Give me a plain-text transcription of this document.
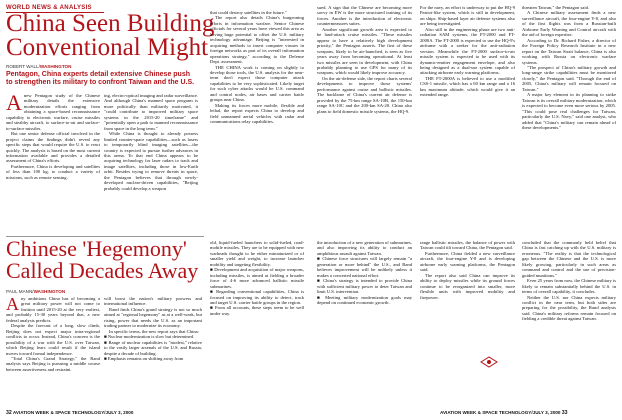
WORLD NEWS & ANALYSIS
China Seen Building Conventional Might
ROBERT WALL/WASHINGTON

Pentagon, China experts detail extensive Chinese push to strengthen its military to confront Taiwan and the U.S.

Anew Pentagon study of the Chinese military details the extensive modernization efforts ranging from obtaining a space-based reconnaissance capability to electronic warfare, cruise missiles and stealthy aircraft, to surface-to-air and surface-to-surface missiles.

But one senior defense official involved in the project claims the findings didn't reveal any specific steps that would require the U.S. to react quickly. The analysis is based on the most current information available and provides a detailed assessment of China's efforts.

Furthermore, China is developing and satellites of less than 100 kg, to conduct a variety of missions, such as remote sensing.

ing, electro-optical imaging and radar surveillance. And although China's manned space program is more politically than militarily motivated, it "could contribute to improved military space systems in the 2015-20 timeframe" and "potentially open a path to manned reconnaissance from space in the long term."

While China is thought to already possess limited counter-space capabilities—such as lasers to temporarily blind imaging satellites—the country is expected to pursue further advances in this arena. To that end China appears to be acquiring technology for laser radars to track and image satellites, including those in low-Earth orbit. Besides trying to remove threats in space, the Pentagon believes that through newly-developed nuclear-driven capabilities, "Beijing probably could develop a weapon

that could destroy satellites in the future."

The report also details China's burgeoning efforts in information warfare. Senior Chinese officials for several years have viewed this area as having huge potential to offset the U.S. military technology advantage. Beijing is "interested in acquiring methods to insert computer viruses in foreign networks as part of its overall information operations strategy," according to the Defense Dept. assessment.

THE CHINA work is coming on slightly to develop those tools, the U.S. analysts for the near-term don't expect those computer attack capabilities to be very sophisticated. Likely target for such cyber attacks would be U.S. command and control nodes, air bases and carrier battle groups near China.

Making its forces more mobile, flexible and lethal, the report expects China to develop and field unmanned aerial vehicles with radar and communications relay capabilities.

sued. A sign that the Chinese are becoming more savvy in EW is the more structured training of its forces. Another is the introduction of electronic countermeasures suites.

Another significant growth area is expected to be land-attack cruise missiles. "These missiles appear to have a relatively high development priority," the Pentagon asserts. The first of these weapons, likely to be air-launched, is seen as five years away from becoming operational. At least two missiles are seen in development, with China probably planning to use GPS for many of its weapons, which would likely improve accuracy.

On the air-defense side, the report charts several developments to improve those systems' performance against cruise and ballistic missiles. The backbone of China's current air defense is provided by the 75-km range SA-10B, the 150-km range SA-10C and the 200-km SA-20. China also plans to field domestic missile systems, the HQ-9.

For the navy, an effort is underway to put the HQ-9 Patriot-like system, which is still in development, on ships. Ship-based layer air defense systems also are being investigated.

Also still in the engineering phase are two anti-radiation SAM systems, the FT-2000 and FT-2000A. The FT-2000 is expected to use the HQ-9's airframe with a seeker for the anti-radiation version. Meanwhile the FT-2000 surface-to-air missile system is expected to be used with its dynamic-emitter engagement envelope, and also being designed as a dual-use system capable of attacking airborne early warning platforms.

THE FT-2000A is believed to use a modified CSS-1 missile, which has a 60 km range and a 16 km maximum altitude, which would give it an extended range.

threaten Taiwan," the Pentagon said.

A Chinese military assessment finds a new surveillance aircraft, the four-engine Y-8, and also of the first flights was from a Russian-built Airborne Early Warning and Control aircraft with the aid of foreign expertise.

According to Dr. Richard Fisher, a director of the Foreign Policy Research Institute in a new report on the Taiwan Strait balance, China is also working with Russia on electronic warfare systems.

"The prospect of China's military growth and long-range strike capabilities must be monitored closely," the Pentagon said. "Through the end of 2005, China's military will remain focused on Taiwan."

A major key element in its planning to strike Taiwan is its overall military modernization, which is expected to become even more serious by 2005. "This could pose real challenges for Taiwan, particularly the U.S. Navy," said one analyst, who added that "China's military can remain ahead of these developments."

Chinese 'Hegemony' Called Decades Away
PAUL MANN/WASHINGTON

Any ambitions China has of becoming a great military power will not come to fruition until 2015-20 at the very earliest, and probably 15-30 years beyond that, a new federal analysis predicts.

Despite the forecast of a long, slow climb, Beijing does not expect major intra-regional conflicts to occur. Instead, China's concern is the possibility of a war with the U.S. over Taiwan, which Beijing fears could result if the island moves toward formal independence.

"Total China's Grand Strategy," the Rand analysis says Beijing is pursuing a middle course between assertiveness and restraint.

will boost the nation's military prowess and international influence.

Rand finds China's grand strategy is not so much aimed at "regional hegemony" as at a well-weak, but rising, power that needs the U.S. as an important trading partner to modernize its economy.

In specific terms, the new report says that China:

■ Nuclear modernization is slow but determined.

■ Range of nuclear capabilities is "modest," relative to the vastly larger arsenals of the U.S. and Russia, despite a decade of building.

■ Emphasis remains on shifting away from

old, liquid-fueled launchers to solid-fueled, road-mobile missiles. They are to be equipped with new warheads thought to be either miniaturized or of smaller yield and weight, to increase launcher mobility and targeting flexibility.

■ Development and acquisition of major weapons, including missiles, is aimed at fielding a broader force of 4-6 more advanced ballistic missile submarines.

■ Regarding conventional capabilities, China is focused on improving its ability to detect, track and target U.S. carrier battle groups in the region.

■ From all accounts, these steps seem to be well under way.

the introduction of a new generation of submarines, and also improving its ability to conduct an amphibious assault against Taiwan.

■ Chinese force structures will largely remain "a generation or more behind" the U.S., and Rand believes improvement will be unlikely unless it makes a concerted national effort.

■ China's strategy is intended to provide China with sufficient military power to deter Taiwan and limit U.S. intervention.

■ Meeting military modernization goals may depend on continued economic growth.

range ballistic missiles, the balance of power with Taiwan could tilt toward China, the Pentagon said.

Furthermore, China fielded a new surveillance aircraft, the four-engine Y-8 and is developing airborne early warning platforms, the Pentagon said.

The report also said China can improve its ability to deploy missiles while its ground forces continue to be reorganized into smaller, more flexible units with improved mobility and firepower.

concluded that the commonly held belief that China is fast catching up with the U.S. military is erroneous. "The reality is that the technological gap between the Chinese and the U.S. is more likely growing, particularly in such areas as command and control and the use of precision-guided munitions."

Even 25 years from now, the Chinese military is likely to remain substantially behind the U.S. in terms of overall capability, it concludes.

Neither the U.S. nor China expects military conflict in the near term, but both sides are preparing for the possibility, the Rand analysts said. China's military reforms remain focused on fielding a credible threat against Taiwan.

32 AVIATION WEEK & SPACE TECHNOLOGY/JULY 3, 2000	AVIATION WEEK & SPACE TECHNOLOGY/JULY 3, 2000 33
